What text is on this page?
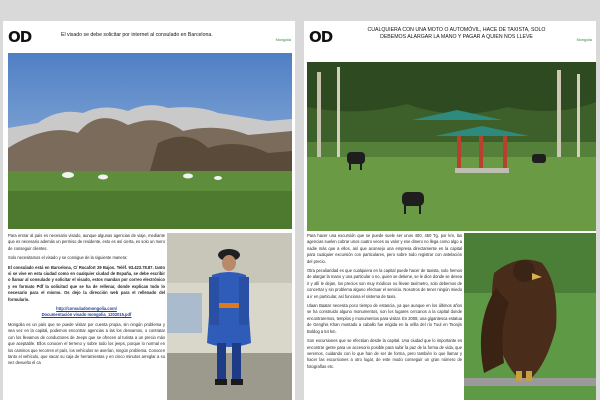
OD	El visado se debe solicitar por internet al consulado en Barcelona.
Mongolia

Para entrar al país es necesario visado, aunque algunas agencias de viaje, mediante que es necesario además un permiso de residente, esto es así cierta, es solo un mero de conseguir clientes.

Solo necesitamos el visado y se consigue de la siguiente manera:

El consulado está en Barcelona, C/ Rocafort 29 Bajos. Teléf. 93.423.78.87. tanto si se vive en esta ciudad como en cualquier ciudad de España, se debe escribir o llamar al consulado y solicitar el visado, estos mandan por correo electrónico y en formato Pdf la solicitud que se ha de rellenar, donde explican todo lo necesario para el mismo. Os dejo la dirección web para el rellenado del formulario.

http://consuladomongolia.com/
Documentación visado mongolia_1202015.pdf

Mongolia es un país que se puede visitar por cuenta propia, sin ningún problema y sea vez en la capital, podemos encontrar agencias a las los desvamos, o contratar con los llevamos de conductores de Jeeps que se ofrecen al turista a un precio más que aceptable. Ellos conocen el terreno y sobre todo los jeeps, porque lo normal en los caminos que recorren el país, los vehículos se averían, ningún problema. Conocen tanto el vehículo, que sacar su caja de herramientas y en cinco minutos arreglar a su vez devuelto el ca

OD	CUALQUIERA CON UNA MOTO O AUTOMÓVIL, HACE DE TAXISTA, SOLO DEBEMOS ALARGAR LA MANO Y PAGAR A QUIEN NOS LLEVE
Mongolia

Para hacer una excursión que se puede suele ser unos 400, 450 Tg. por km, las agencias suelen cobrar unos cuatro veces su valor y ese dinero no llega como algo a nadie más que a ellos, así que aconsejo una empresa directamente en la capital para cualquier excursión con particulares, pero sobre todo registrar con antelación del precio.

Otra peculiaridad es que cualquiera en la capital puede hacer de taxista, solo hemos de alargar la mano y una particular o no, quien se detiene, se le dice donde se desea ir y allí le dejan, los precios son muy módicos no llevan taxímetro, solo debemos de concertar y sin problema alguno efectuar el servicio. Nosotros de tener ningún miedo a ir en particular, así funciona el sistema de taxis.

Ulaan Baatar necesita poco tiempo de estancia, ya que aunque en los últimos años se ha construido alguno monumentos, son los lugares cercanos a la capital donde encontraremos, templos y monumentos para visitar. En 2008, una gigantesca estatua de Genghis Khan montado a caballo fue erigida en la orilla del río Tuul en Tsonjin Boldog a 54 km.

Son excursiones que se efectúan desde la capital. Una ciudad que lo importante es encontrar gente para un accesorio posible para subir la paz de la forma de vida, que veremos, cuidando con lo que han de ser de forma, pero también lo que llamar y hacer las excursiones a otro lugar, de este modo conseguir un gran número de fotografías etc.
